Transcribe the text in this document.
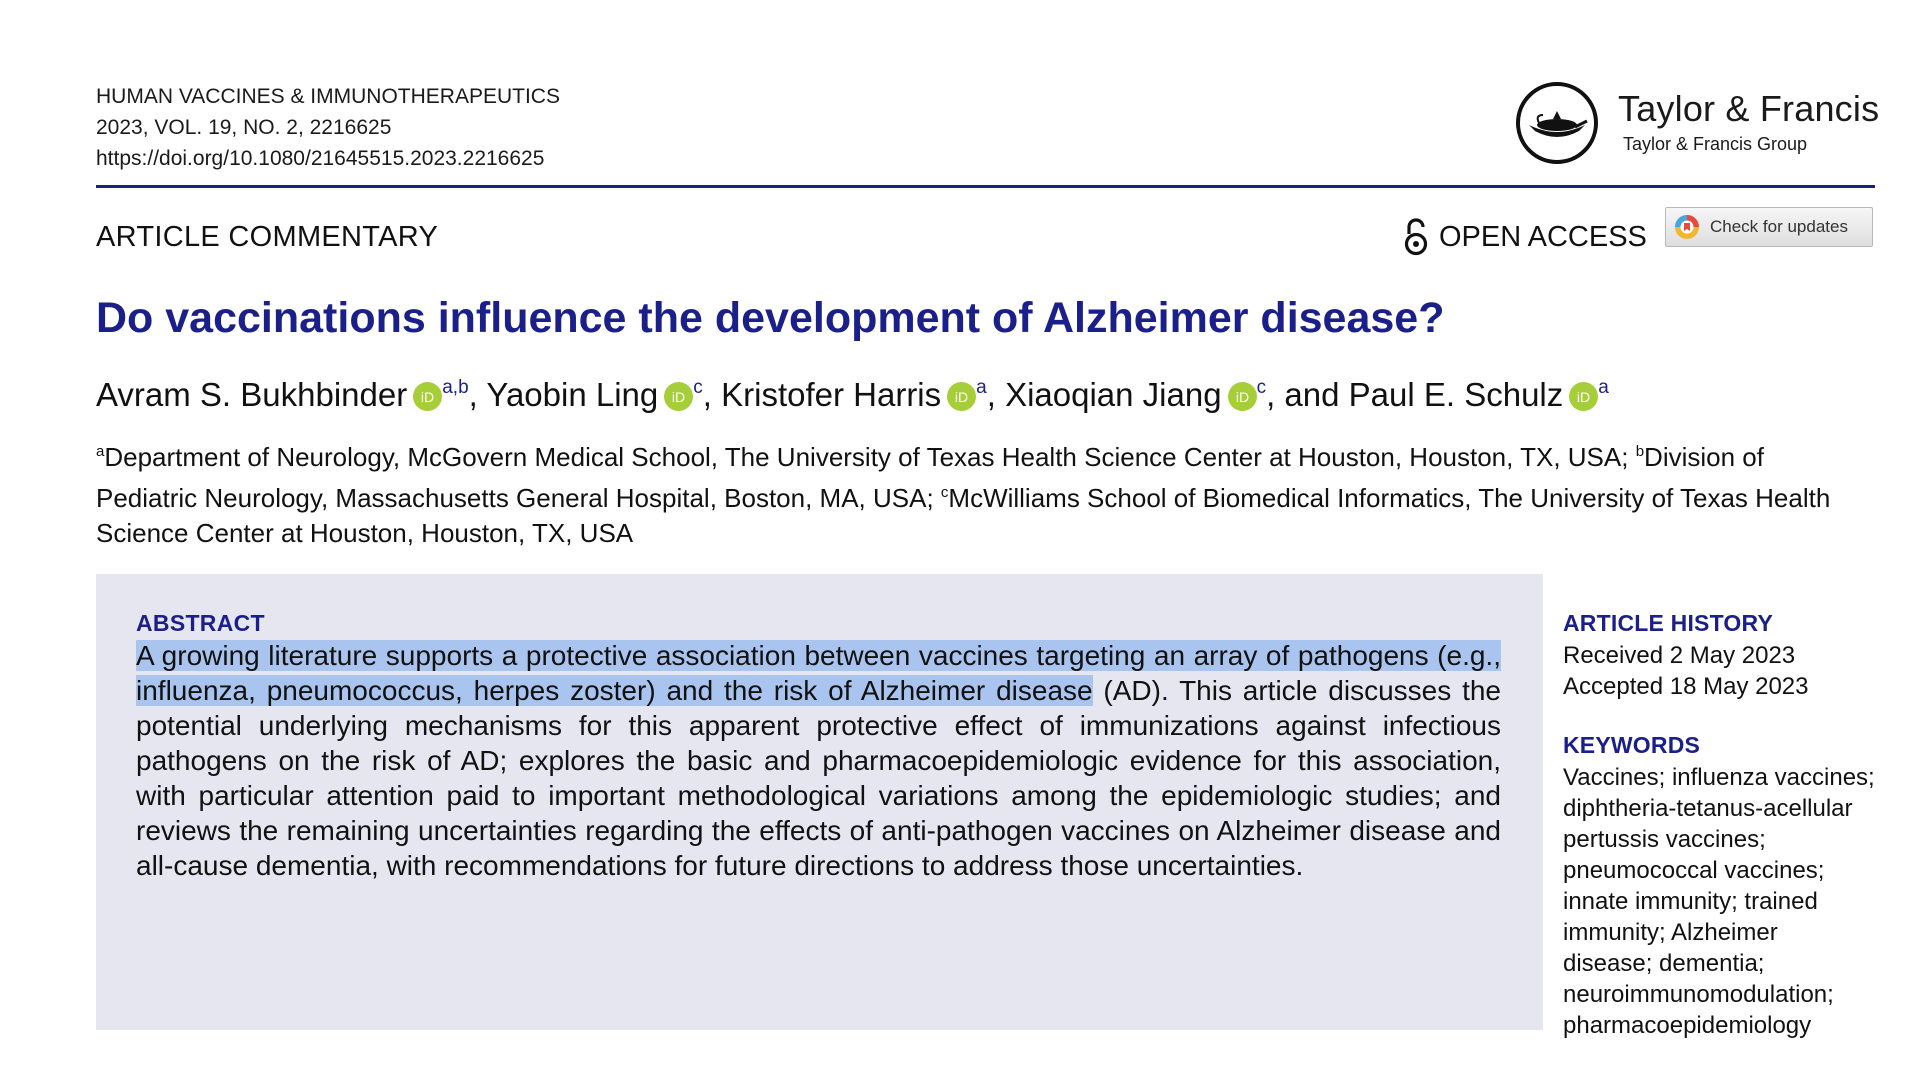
HUMAN VACCINES & IMMUNOTHERAPEUTICS
2023, VOL. 19, NO. 2, 2216625
https://doi.org/10.1080/21645515.2023.2216625
Taylor & Francis
Taylor & Francis Group
ARTICLE COMMENTARY	OPEN ACCESS	Check for updates
Do vaccinations influence the development of Alzheimer disease?
Avram S. Bukhbinder iD $^{a,b}$, Yaobin Ling iD $^c$, Kristofer Harris iD $^a$, Xiaoqian Jiang iD $^c$, and Paul E. Schulz iD $^a$
$^a$Department of Neurology, McGovern Medical School, The University of Texas Health Science Center at Houston, Houston, TX, USA; $^b$Division of
Pediatric Neurology, Massachusetts General Hospital, Boston, MA, USA; $^c$McWilliams School of Biomedical Informatics, The University of Texas Health
Science Center at Houston, Houston, TX, USA
ABSTRACT
A growing literature supports a protective association between vaccines targeting an array of pathogens (e.g., influenza, pneumococcus, herpes zoster) and the risk of Alzheimer disease (AD). This article discusses the potential underlying mechanisms for this apparent protective effect of immunizations against infectious pathogens on the risk of AD; explores the basic and pharmacoepidemiologic evidence for this association, with particular attention paid to important methodological variations among the epidemiologic studies; and reviews the remaining uncertainties regarding the effects of anti-pathogen vaccines on Alzheimer disease and all-cause dementia, with recommendations for future directions to address those uncertainties.
ARTICLE HISTORY
Received 2 May 2023
Accepted 18 May 2023
KEYWORDS
Vaccines; influenza vaccines;
diphtheria-tetanus-acellular
pertussis vaccines;
pneumococcal vaccines;
innate immunity; trained
immunity; Alzheimer
disease; dementia;
neuroimmunomodulation;
pharmacoepidemiology
